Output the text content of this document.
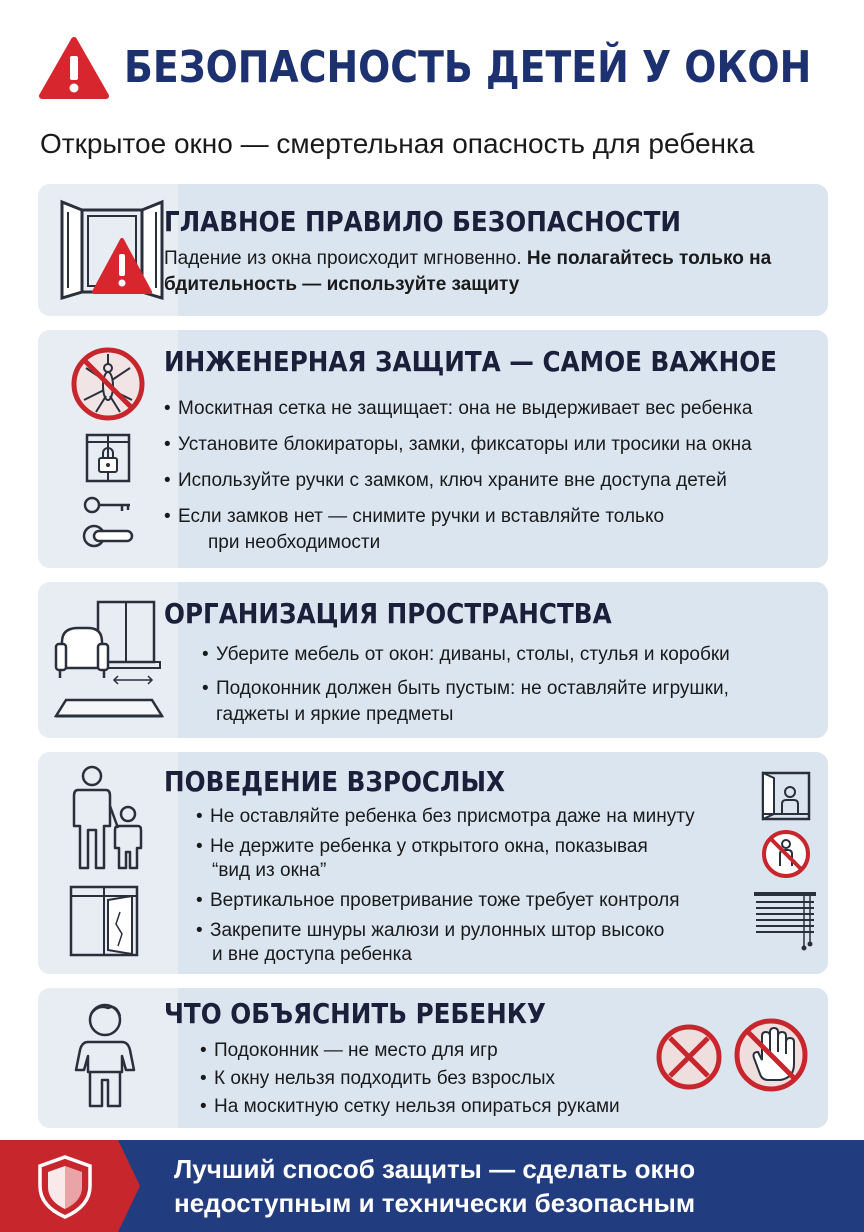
БЕЗОПАСНОСТЬ ДЕТЕЙ У ОКОН
Открытое окно — смертельная опасность для ребенка
ГЛАВНОЕ ПРАВИЛО БЕЗОПАСНОСТИ
Падение из окна происходит мгновенно. Не полагайтесь только на бдительность — используйте защиту
ИНЖЕНЕРНАЯ ЗАЩИТА — САМОЕ ВАЖНОЕ
• Москитная сетка не защищает: она не выдерживает вес ребенка
• Установите блокираторы, замки, фиксаторы или тросики на окна
• Используйте ручки с замком, ключ храните вне доступа детей
• Если замков нет — снимите ручки и вставляйте только
при необходимости
ОРГАНИЗАЦИЯ ПРОСТРАНСТВА
• Уберите мебель от окон: диваны, столы, стулья и коробки
• Подоконник должен быть пустым: не оставляйте игрушки,
гаджеты и яркие предметы
ПОВЕДЕНИЕ ВЗРОСЛЫХ
• Не оставляйте ребенка без присмотра даже на минуту
• Не держите ребенка у открытого окна, показывая
“вид из окна”
• Вертикальное проветривание тоже требует контроля
• Закрепите шнуры жалюзи и рулонных штор высоко
и вне доступа ребенка
ЧТО ОБЪЯСНИТЬ РЕБЕНКУ
• Подоконник — не место для игр
• К окну нельзя подходить без взрослых
• На москитную сетку нельзя опираться руками
Лучший способ защиты — сделать окно
недоступным и технически безопасным
